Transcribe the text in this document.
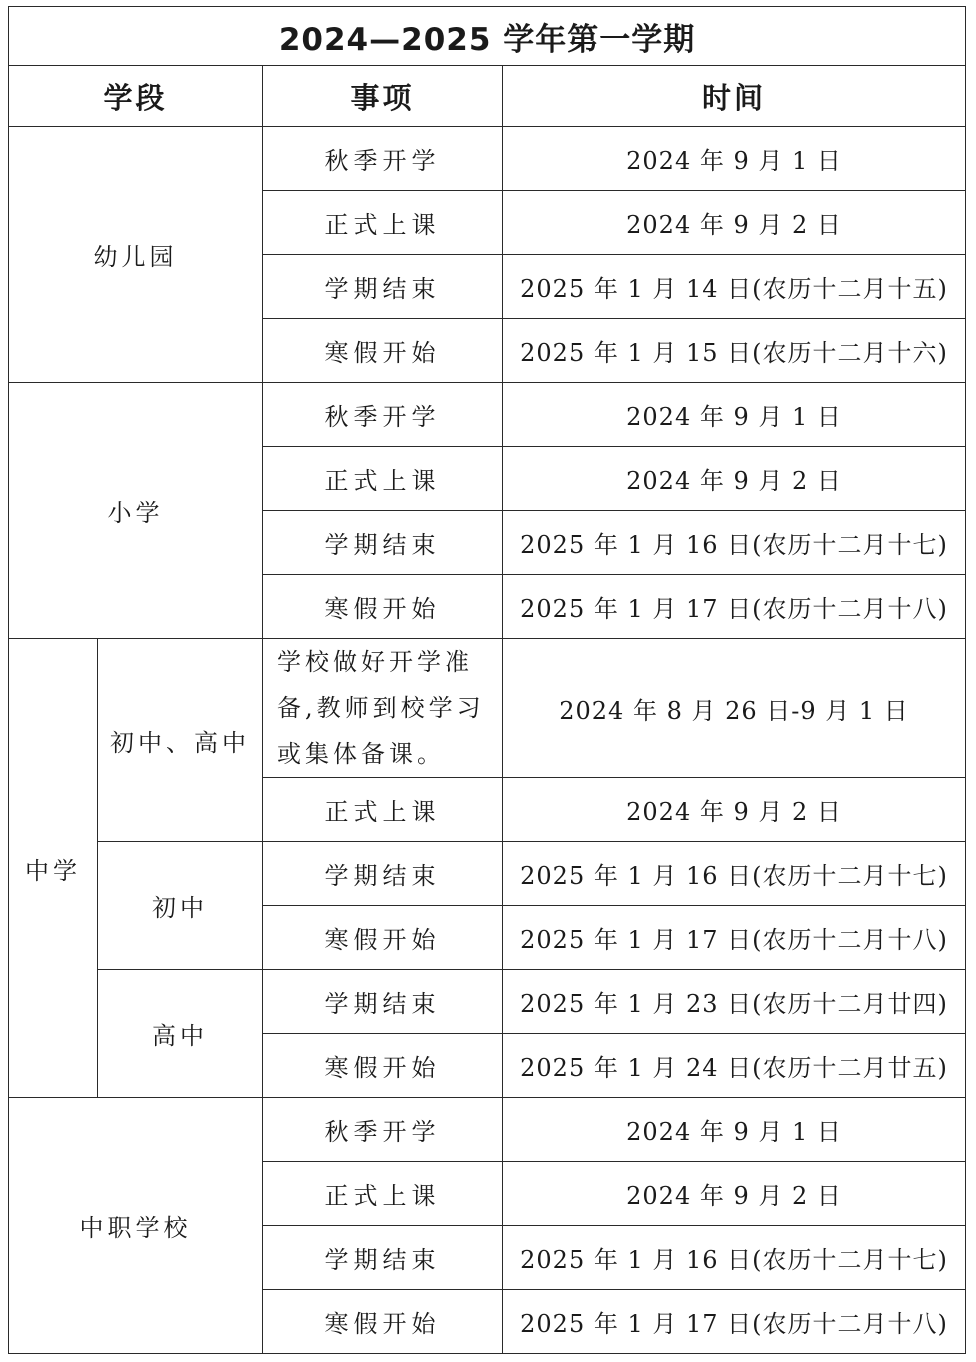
2024—2025 学年第一学期			
学段		事项	时间
幼儿园		秋季开学	2024 年 9 月 1 日
		正式上课	2024 年 9 月 2 日
		学期结束	2025 年 1 月 14 日(农历十二月十五)
		寒假开始	2025 年 1 月 15 日(农历十二月十六)
小学		秋季开学	2024 年 9 月 1 日
		正式上课	2024 年 9 月 2 日
		学期结束	2025 年 1 月 16 日(农历十二月十七)
		寒假开始	2025 年 1 月 17 日(农历十二月十八)
中学	初中、高中	学校做好开学准备,教师到校学习或集体备课。	2024 年 8 月 26 日-9 月 1 日
		正式上课	2024 年 9 月 2 日
	初中	学期结束	2025 年 1 月 16 日(农历十二月十七)
		寒假开始	2025 年 1 月 17 日(农历十二月十八)
	高中	学期结束	2025 年 1 月 23 日(农历十二月廿四)
		寒假开始	2025 年 1 月 24 日(农历十二月廿五)
中职学校		秋季开学	2024 年 9 月 1 日
		正式上课	2024 年 9 月 2 日
		学期结束	2025 年 1 月 16 日(农历十二月十七)
		寒假开始	2025 年 1 月 17 日(农历十二月十八)
